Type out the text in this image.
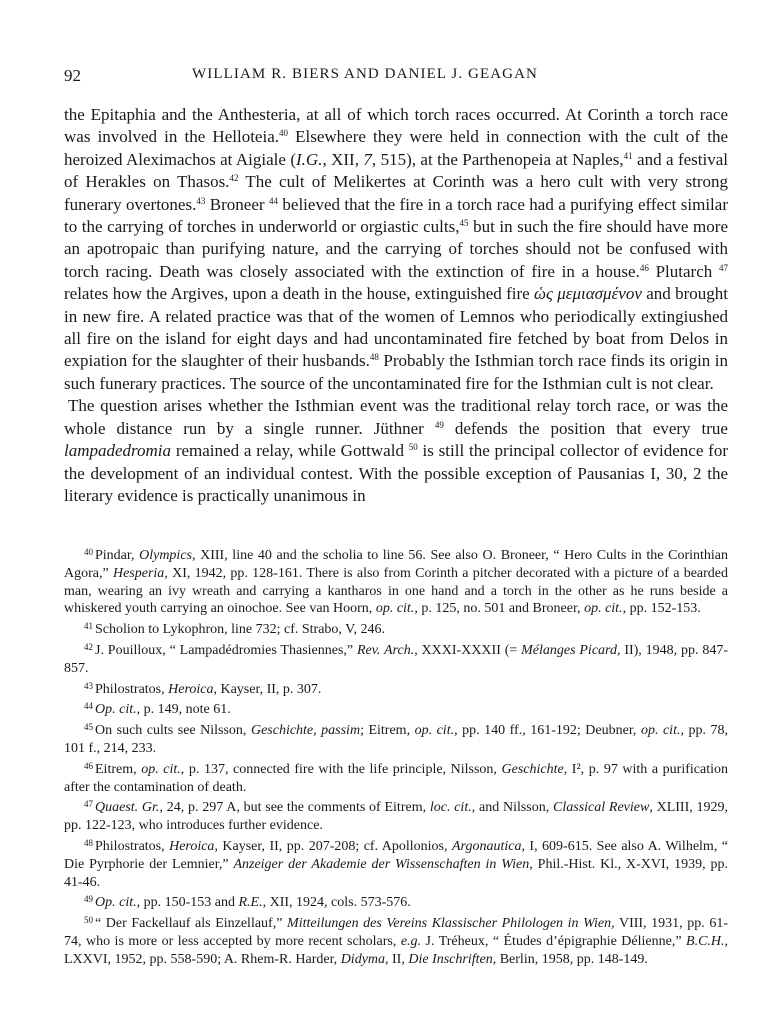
92	WILLIAM R. BIERS AND DANIEL J. GEAGAN

the Epitaphia and the Anthesteria, at all of which torch races occurred. At Corinth a torch race was involved in the Helloteia.$^{40}$ Elsewhere they were held in connection with the cult of the heroized Aleximachos at Aigiale (I.G., XII, 7, 515), at the Parthenopeia at Naples,$^{41}$ and a festival of Herakles on Thasos.$^{42}$ The cult of Melikertes at Corinth was a hero cult with very strong funerary overtones.$^{43}$ Broneer $^{44}$ believed that the fire in a torch race had a purifying effect similar to the carrying of torches in underworld or orgiastic cults,$^{45}$ but in such the fire should have more an apotropaic than purifying nature, and the carrying of torches should not be confused with torch racing. Death was closely associated with the extinction of fire in a house.$^{46}$ Plutarch $^{47}$ relates how the Argives, upon a death in the house, extinguished fire ὡς μεμιασμένον and brought in new fire. A related practice was that of the women of Lemnos who periodically extingiushed all fire on the island for eight days and had uncontaminated fire fetched by boat from Delos in expiation for the slaughter of their husbands.$^{48}$ Probably the Isthmian torch race finds its origin in such funerary practices. The source of the uncontaminated fire for the Isthmian cult is not clear.

The question arises whether the Isthmian event was the traditional relay torch race, or was the whole distance run by a single runner. Jüthner $^{49}$ defends the position that every true lampadedromia remained a relay, while Gottwald $^{50}$ is still the principal collector of evidence for the development of an individual contest. With the possible exception of Pausanias I, 30, 2 the literary evidence is practically unanimous in

$^{40}$ Pindar, Olympics, XIII, line 40 and the scholia to line 56. See also O. Broneer, “ Hero Cults in the Corinthian Agora,” Hesperia, XI, 1942, pp. 128-161. There is also from Corinth a pitcher decorated with a picture of a bearded man, wearing an ivy wreath and carrying a kantharos in one hand and a torch in the other as he runs beside a whiskered youth carrying an oinochoe. See van Hoorn, op. cit., p. 125, no. 501 and Broneer, op. cit., pp. 152-153.

$^{41}$ Scholion to Lykophron, line 732; cf. Strabo, V, 246.

$^{42}$ J. Pouilloux, “ Lampadédromies Thasiennes,” Rev. Arch., XXXI-XXXII (= Mélanges Picard, II), 1948, pp. 847-857.

$^{43}$ Philostratos, Heroica, Kayser, II, p. 307.

$^{44}$ Op. cit., p. 149, note 61.

$^{45}$ On such cults see Nilsson, Geschichte, passim; Eitrem, op. cit., pp. 140 ff., 161-192; Deubner, op. cit., pp. 78, 101 f., 214, 233.

$^{46}$ Eitrem, op. cit., p. 137, connected fire with the life principle, Nilsson, Geschichte, I², p. 97 with a purification after the contamination of death.

$^{47}$ Quaest. Gr., 24, p. 297 A, but see the comments of Eitrem, loc. cit., and Nilsson, Classical Review, XLIII, 1929, pp. 122-123, who introduces further evidence.

$^{48}$ Philostratos, Heroica, Kayser, II, pp. 207-208; cf. Apollonios, Argonautica, I, 609-615. See also A. Wilhelm, “ Die Pyrphorie der Lemnier,” Anzeiger der Akademie der Wissenschaften in Wien, Phil.-Hist. Kl., X-XVI, 1939, pp. 41-46.

$^{49}$ Op. cit., pp. 150-153 and R.E., XII, 1924, cols. 573-576.

$^{50}$ “ Der Fackellauf als Einzellauf,” Mitteilungen des Vereins Klassischer Philologen in Wien, VIII, 1931, pp. 61-74, who is more or less accepted by more recent scholars, e.g. J. Tréheux, “ Études d’épigraphie Délienne,” B.C.H., LXXVI, 1952, pp. 558-590; A. Rhem-R. Harder, Didyma, II, Die Inschriften, Berlin, 1958, pp. 148-149.
